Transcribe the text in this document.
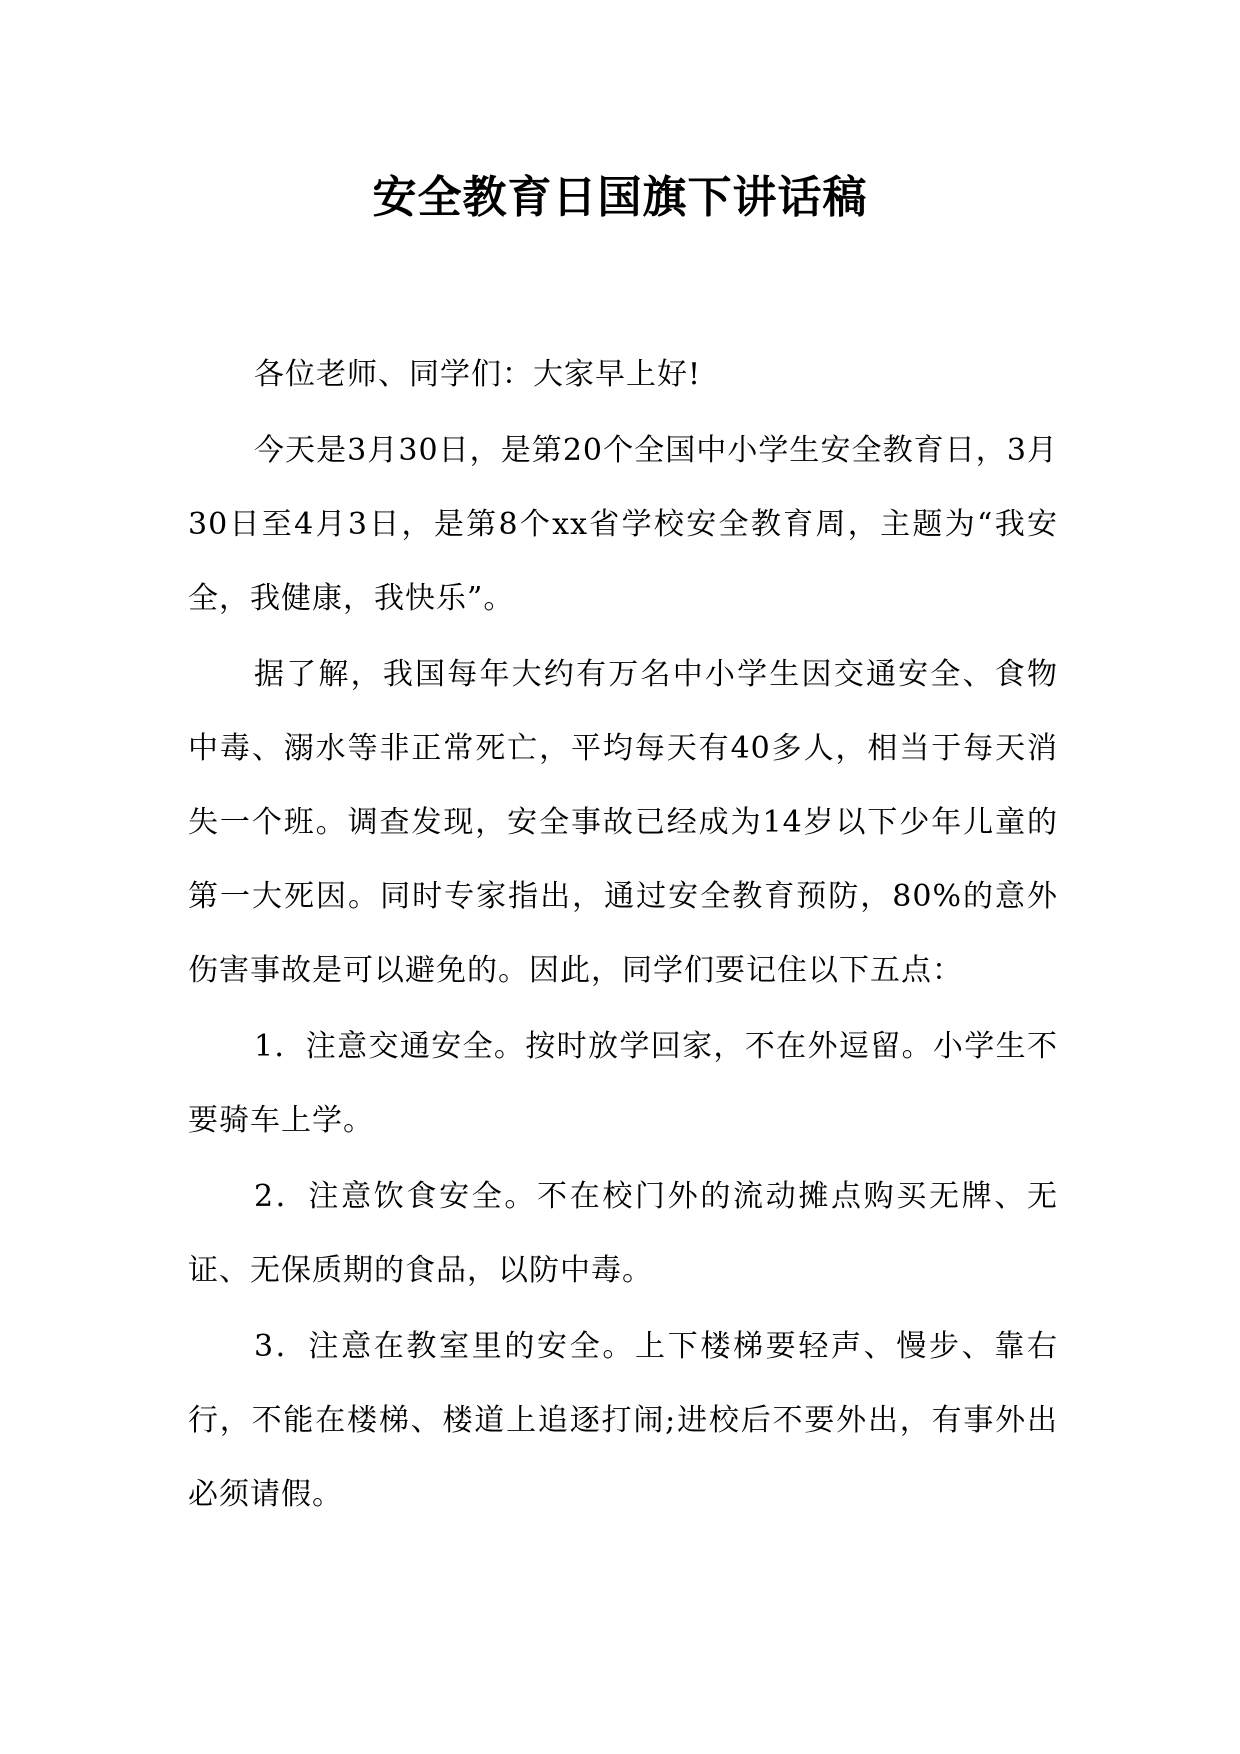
安全教育日国旗下讲话稿

各位老师、同学们：大家早上好!

今天是3月30日，是第20个全国中小学生安全教育日，3月30日至4月3日，是第8个xx省学校安全教育周，主题为“我安全，我健康，我快乐”。

据了解，我国每年大约有万名中小学生因交通安全、食物中毒、溺水等非正常死亡，平均每天有40多人，相当于每天消失一个班。调查发现，安全事故已经成为14岁以下少年儿童的第一大死因。同时专家指出，通过安全教育预防，80%的意外伤害事故是可以避免的。因此，同学们要记住以下五点：

1．注意交通安全。按时放学回家，不在外逗留。小学生不要骑车上学。

2．注意饮食安全。不在校门外的流动摊点购买无牌、无证、无保质期的食品，以防中毒。

3．注意在教室里的安全。上下楼梯要轻声、慢步、靠右行，不能在楼梯、楼道上追逐打闹;进校后不要外出，有事外出必须请假。
